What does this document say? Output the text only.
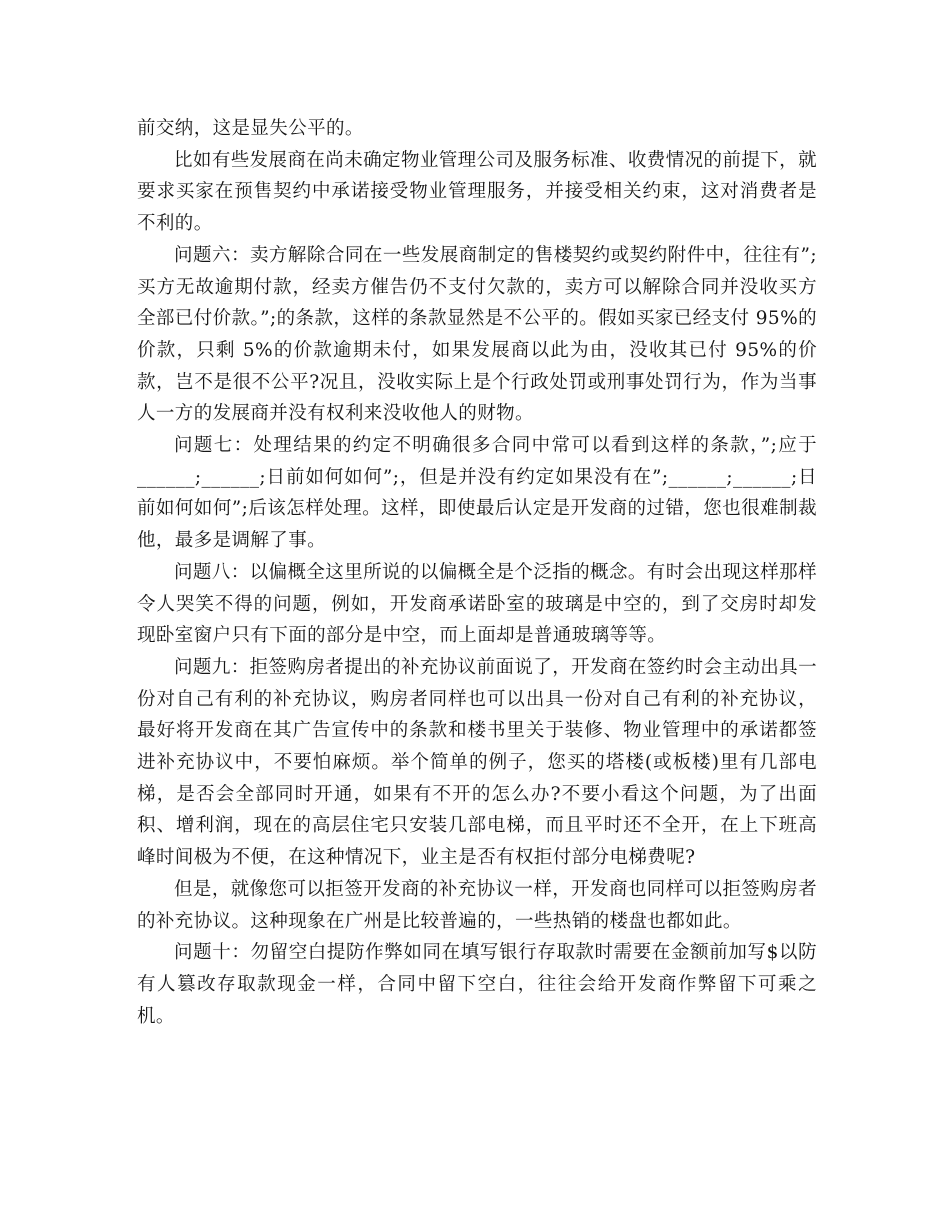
前交纳，这是显失公平的。

比如有些发展商在尚未确定物业管理公司及服务标准、收费情况的前提下，就要求买家在预售契约中承诺接受物业管理服务，并接受相关约束，这对消费者是不利的。

问题六：卖方解除合同在一些发展商制定的售楼契约或契约附件中，往往有”;买方无故逾期付款，经卖方催告仍不支付欠款的，卖方可以解除合同并没收买方全部已付价款。”;的条款，这样的条款显然是不公平的。假如买家已经支付 95%的价款，只剩 5%的价款逾期未付，如果发展商以此为由，没收其已付 95%的价款，岂不是很不公平?况且，没收实际上是个行政处罚或刑事处罚行为，作为当事人一方的发展商并没有权利来没收他人的财物。

问题七：处理结果的约定不明确很多合同中常可以看到这样的条款，”;应于______;______;日前如何如何”;，但是并没有约定如果没有在”;______;______;日前如何如何”;后该怎样处理。这样，即使最后认定是开发商的过错，您也很难制裁他，最多是调解了事。

问题八：以偏概全这里所说的以偏概全是个泛指的概念。有时会出现这样那样令人哭笑不得的问题，例如，开发商承诺卧室的玻璃是中空的，到了交房时却发现卧室窗户只有下面的部分是中空，而上面却是普通玻璃等等。

问题九：拒签购房者提出的补充协议前面说了，开发商在签约时会主动出具一份对自己有利的补充协议，购房者同样也可以出具一份对自己有利的补充协议，最好将开发商在其广告宣传中的条款和楼书里关于装修、物业管理中的承诺都签进补充协议中，不要怕麻烦。举个简单的例子，您买的塔楼(或板楼)里有几部电梯，是否会全部同时开通，如果有不开的怎么办?不要小看这个问题，为了出面积、增利润，现在的高层住宅只安装几部电梯，而且平时还不全开，在上下班高峰时间极为不便，在这种情况下，业主是否有权拒付部分电梯费呢?

但是，就像您可以拒签开发商的补充协议一样，开发商也同样可以拒签购房者的补充协议。这种现象在广州是比较普遍的，一些热销的楼盘也都如此。

问题十：勿留空白提防作弊如同在填写银行存取款时需要在金额前加写$以防有人篡改存取款现金一样，合同中留下空白，往往会给开发商作弊留下可乘之机。
